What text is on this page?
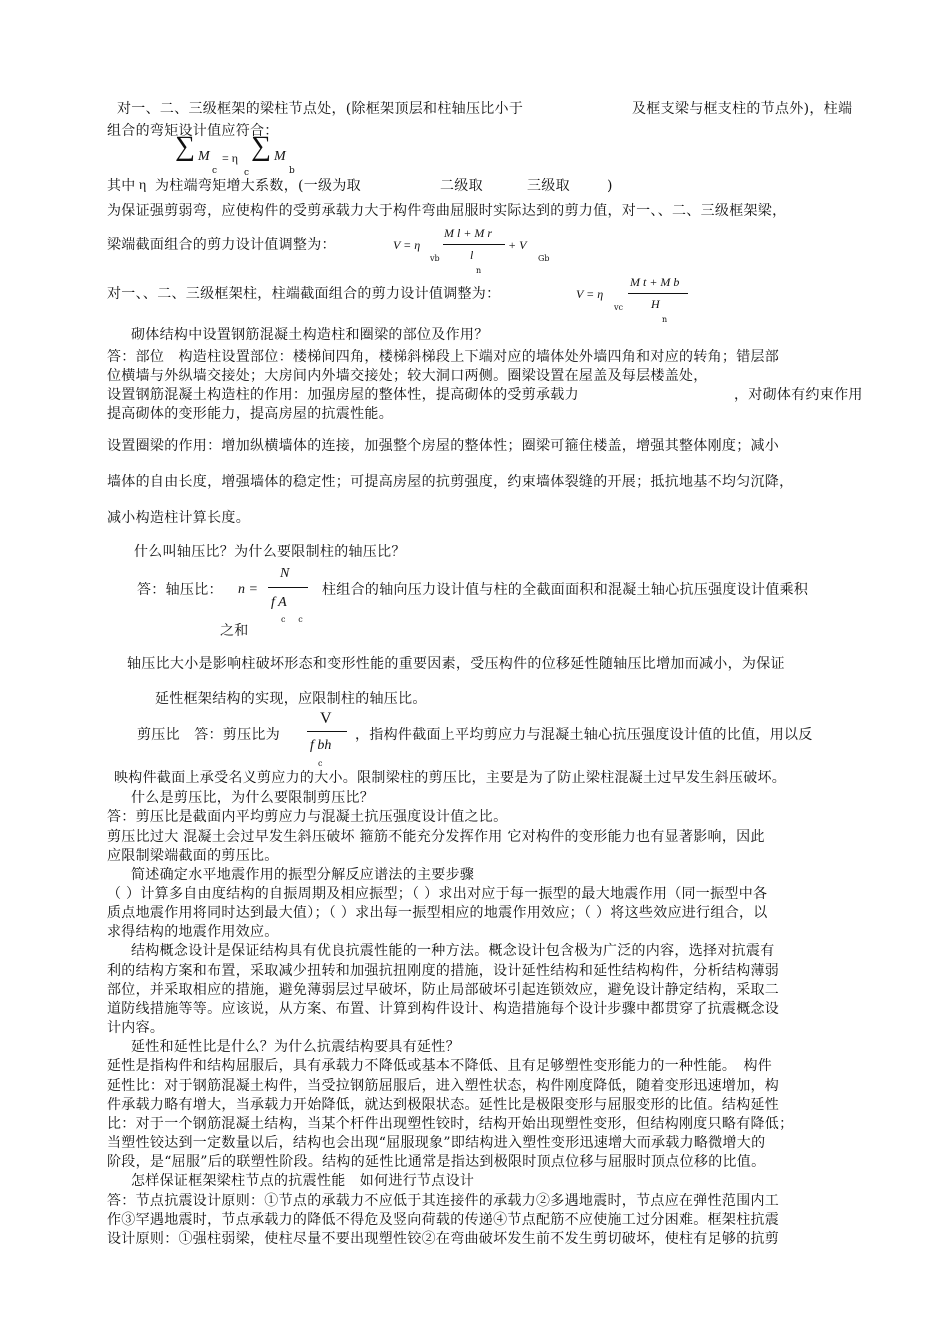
对一、二、三级框架的梁柱节点处，(除框架顶层和柱轴压比小于	及框支梁与框支柱的节点外)，柱端
组合的弯矩设计值应符合：
∑ M
c
= η
c
∑ M
b
其中 η 为柱端弯矩增大系数，(一级为取	二级取	三级取	)
为保证强剪弱弯，应使构件的受剪承载力大于构件弯曲屈服时实际达到的剪力值，对一、、二、三级框架梁，
梁端截面组合的剪力设计值调整为：	V = η
vb
M l + M r
l
n
+ V
Gb
对一、、二、三级框架柱，柱端截面组合的剪力设计值调整为：	V = η
vc
M t + M b
H
n
砌体结构中设置钢筋混凝土构造柱和圈梁的部位及作用？
答：部位　构造柱设置部位：楼梯间四角，楼梯斜梯段上下端对应的墙体处外墙四角和对应的转角；错层部
位横墙与外纵墙交接处；大房间内外墙交接处；较大洞口两侧。圈梁设置在屋盖及每层楼盖处，
设置钢筋混凝土构造柱的作用：加强房屋的整体性，提高砌体的受剪承载力	，对砌体有约束作用
提高砌体的变形能力，提高房屋的抗震性能。
设置圈梁的作用：增加纵横墙体的连接，加强整个房屋的整体性；圈梁可箍住楼盖，增强其整体刚度；减小
墙体的自由长度，增强墙体的稳定性；可提高房屋的抗剪强度，约束墙体裂缝的开展；抵抗地基不均匀沉降，
减小构造柱计算长度。
什么叫轴压比？为什么要限制柱的轴压比？
答：轴压比： n =
N
f A
c     c
柱组合的轴向压力设计值与柱的全截面面积和混凝土轴心抗压强度设计值乘积
之和
轴压比大小是影响柱破坏形态和变形性能的重要因素，受压构件的位移延性随轴压比增加而减小，为保证
延性框架结构的实现，应限制柱的轴压比。
剪压比　答：剪压比为
V
f bh
c
，指构件截面上平均剪应力与混凝土轴心抗压强度设计值的比值，用以反
映构件截面上承受名义剪应力的大小。限制梁柱的剪压比，主要是为了防止梁柱混凝土过早发生斜压破坏。
什么是剪压比，为什么要限制剪压比？
答：剪压比是截面内平均剪应力与混凝土抗压强度设计值之比。
剪压比过大 混凝土会过早发生斜压破坏 箍筋不能充分发挥作用 它对构件的变形能力也有显著影响，因此
应限制梁端截面的剪压比。
简述确定水平地震作用的振型分解反应谱法的主要步骤
（ ）计算多自由度结构的自振周期及相应振型；（ ）求出对应于每一振型的最大地震作用（同一振型中各
质点地震作用将同时达到最大值）；（ ）求出每一振型相应的地震作用效应；（ ）将这些效应进行组合，以
求得结构的地震作用效应。
结构概念设计是保证结构具有优良抗震性能的一种方法。概念设计包含极为广泛的内容，选择对抗震有
利的结构方案和布置，采取减少扭转和加强抗扭刚度的措施，设计延性结构和延性结构构件，分析结构薄弱
部位，并采取相应的措施，避免薄弱层过早破坏，防止局部破坏引起连锁效应，避免设计静定结构，采取二
道防线措施等等。应该说，从方案、布置、计算到构件设计、构造措施每个设计步骤中都贯穿了抗震概念设
计内容。
延性和延性比是什么？为什么抗震结构要具有延性？
延性是指构件和结构屈服后，具有承载力不降低或基本不降低、且有足够塑性变形能力的一种性能。　构件
延性比：对于钢筋混凝土构件，当受拉钢筋屈服后，进入塑性状态，构件刚度降低，随着变形迅速增加，构
件承载力略有增大，当承载力开始降低，就达到极限状态。延性比是极限变形与屈服变形的比值。结构延性
比：对于一个钢筋混凝土结构，当某个杆件出现塑性铰时，结构开始出现塑性变形，但结构刚度只略有降低；
当塑性铰达到一定数量以后，结构也会出现“屈服现象”即结构进入塑性变形迅速增大而承载力略微增大的
阶段，是“屈服”后的联塑性阶段。结构的延性比通常是指达到极限时顶点位移与屈服时顶点位移的比值。
怎样保证框架梁柱节点的抗震性能　如何进行节点设计
答：节点抗震设计原则：①节点的承载力不应低于其连接件的承载力②多遇地震时，节点应在弹性范围内工
作③罕遇地震时，节点承载力的降低不得危及竖向荷载的传递④节点配筋不应使施工过分困难。框架柱抗震
设计原则：①强柱弱梁，使柱尽量不要出现塑性铰②在弯曲破坏发生前不发生剪切破坏，使柱有足够的抗剪
